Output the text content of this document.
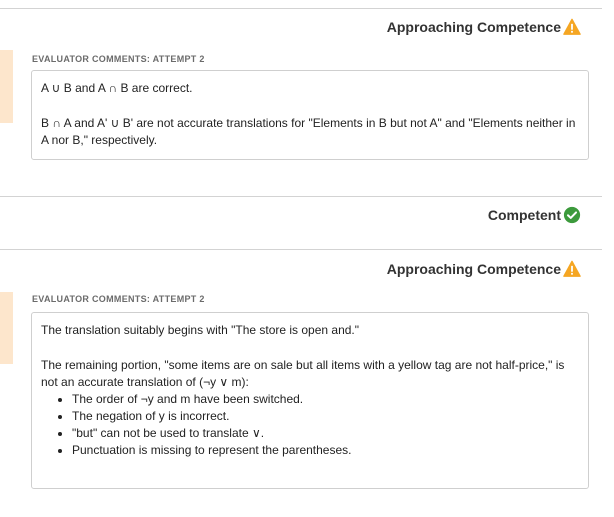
Approaching Competence
EVALUATOR COMMENTS: ATTEMPT 2

A ∪ B and A ∩ B are correct.

B ∩ A and A' ∪ B' are not accurate translations for "Elements in B but not A" and "Elements neither in A nor B," respectively.

Competent
Approaching Competence
EVALUATOR COMMENTS: ATTEMPT 2

The translation suitably begins with "The store is open and."

The remaining portion, "some items are on sale but all items with a yellow tag are not half-price," is not an accurate translation of (¬y ∨ m):

• The order of ¬y and m have been switched.
• The negation of y is incorrect.
• "but" can not be used to translate ∨.
• Punctuation is missing to represent the parentheses.
